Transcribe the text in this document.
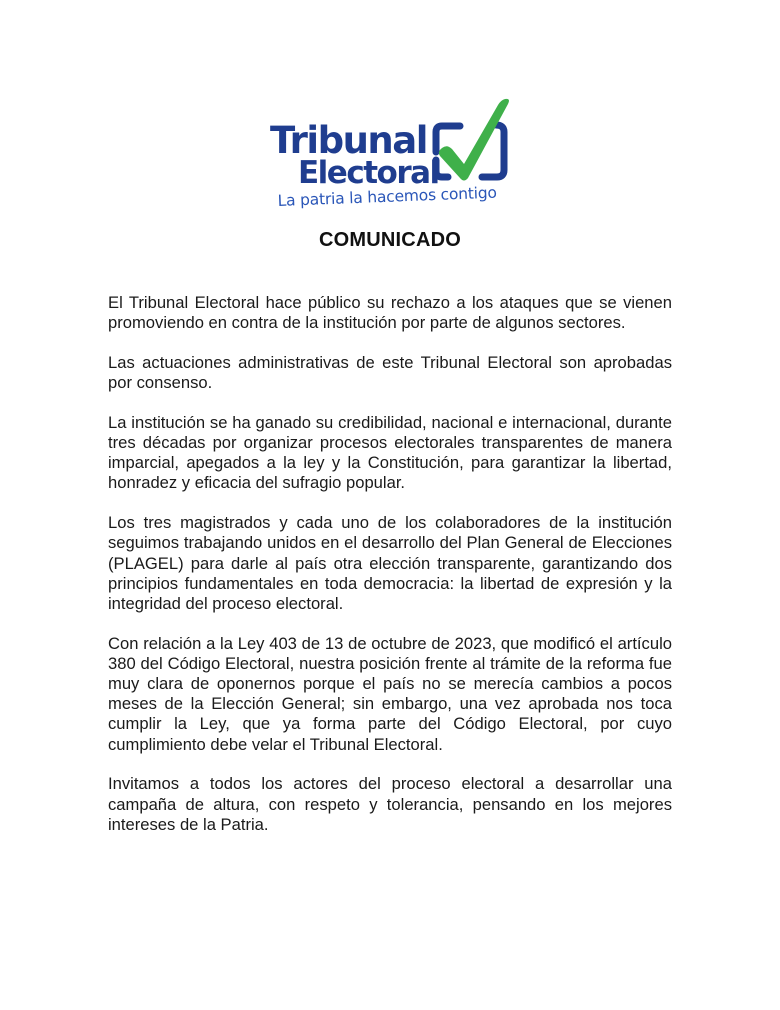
Tribunal
Electoral
La patria la hacemos contigo
COMUNICADO

El Tribunal Electoral hace público su rechazo a los ataques que se vienen promoviendo en contra de la institución por parte de algunos sectores.

Las actuaciones administrativas de este Tribunal Electoral son aprobadas por consenso.

La institución se ha ganado su credibilidad, nacional e internacional, durante tres décadas por organizar procesos electorales transparentes de manera imparcial, apegados a la ley y la Constitución, para garantizar la libertad, honradez y eficacia del sufragio popular.

Los tres magistrados y cada uno de los colaboradores de la institución seguimos trabajando unidos en el desarrollo del Plan General de Elecciones (PLAGEL) para darle al país otra elección transparente, garantizando dos principios fundamentales en toda democracia: la libertad de expresión y la integridad del proceso electoral.

Con relación a la Ley 403 de 13 de octubre de 2023, que modificó el artículo 380 del Código Electoral, nuestra posición frente al trámite de la reforma fue muy clara de oponernos porque el país no se merecía cambios a pocos meses de la Elección General; sin embargo, una vez aprobada nos toca cumplir la Ley, que ya forma parte del Código Electoral, por cuyo cumplimiento debe velar el Tribunal Electoral.

Invitamos a todos los actores del proceso electoral a desarrollar una campaña de altura, con respeto y tolerancia, pensando en los mejores intereses de la Patria.
